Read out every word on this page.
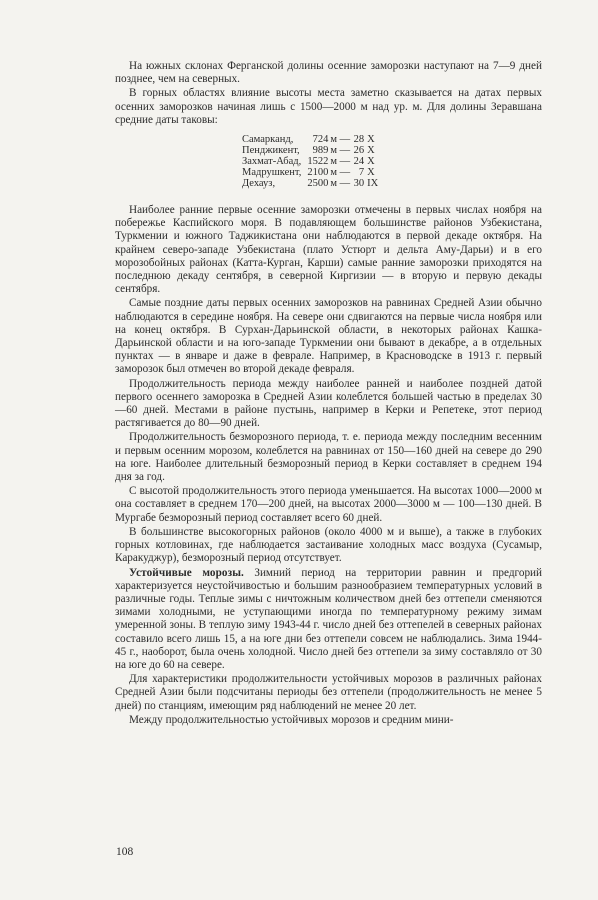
На южных склонах Ферганской долины осенние заморозки наступают на 7—9 дней позднее, чем на северных.

В горных областях влияние высоты места заметно сказывается на датах первых осенних заморозков начиная лишь с 1500—2000 м над ур. м. Для долины Зеравшана средние даты таковы:

Самарканд,	724	м —	28	X
Пенджикент,	989	м —	26	X
Захмат-Абад,	1522	м —	24	X
Мадрушкент,	2100	м —	7	X
Дехауз,	2500	м —	30	IX

Наиболее ранние первые осенние заморозки отмечены в первых числах ноября на побережье Каспийского моря. В подавляющем большинстве районов Узбекистана, Туркмении и южного Таджикистана они наблюдаются в первой декаде октября. На крайнем северо-западе Узбекистана (плато Устюрт и дельта Аму-Дарьи) и в его морозобойных районах (Катта-Курган, Карши) самые ранние заморозки приходятся на последнюю декаду сентября, в северной Киргизии — в вторую и первую декады сентября.

Самые поздние даты первых осенних заморозков на равнинах Средней Азии обычно наблюдаются в середине ноября. На севере они сдвигаются на первые числа ноября или на конец октября. В Сурхан-Дарьинской области, в некоторых районах Кашка-Дарьинской области и на юго-западе Туркмении они бывают в декабре, а в отдельных пунктах — в январе и даже в феврале. Например, в Красноводске в 1913 г. первый заморозок был отмечен во второй декаде февраля.

Продолжительность периода между наиболее ранней и наиболее поздней датой первого осеннего заморозка в Средней Азии колеблется большей частью в пределах 30—60 дней. Местами в районе пустынь, например в Керки и Репетеке, этот период растягивается до 80—90 дней.

Продолжительность безморозного периода, т. е. периода между последним весенним и первым осенним морозом, колеблется на равнинах от 150—160 дней на севере до 290 на юге. Наиболее длительный безморозный период в Керки составляет в среднем 194 дня за год.

С высотой продолжительность этого периода уменьшается. На высотах 1000—2000 м она составляет в среднем 170—200 дней, на высотах 2000—3000 м — 100—130 дней. В Мургабе безморозный период составляет всего 60 дней.

В большинстве высокогорных районов (около 4000 м и выше), а также в глубоких горных котловинах, где наблюдается застаивание холодных масс воздуха (Сусамыр, Каракуджур), безморозный период отсутствует.

Устойчивые морозы. Зимний период на территории равнин и предгорий характеризуется неустойчивостью и большим разнообразием температурных условий в различные годы. Теплые зимы с ничтожным количеством дней без оттепели сменяются зимами холодными, не уступающими иногда по температурному режиму зимам умеренной зоны. В теплую зиму 1943-44 г. число дней без оттепелей в северных районах составило всего лишь 15, а на юге дни без оттепели совсем не наблюдались. Зима 1944-45 г., наоборот, была очень холодной. Число дней без оттепели за зиму составляло от 30 на юге до 60 на севере.

Для характеристики продолжительности устойчивых морозов в различных районах Средней Азии были подсчитаны периоды без оттепели (продолжительность не менее 5 дней) по станциям, имеющим ряд наблюдений не менее 20 лет.

Между продолжительностью устойчивых морозов и средним мини-

108
